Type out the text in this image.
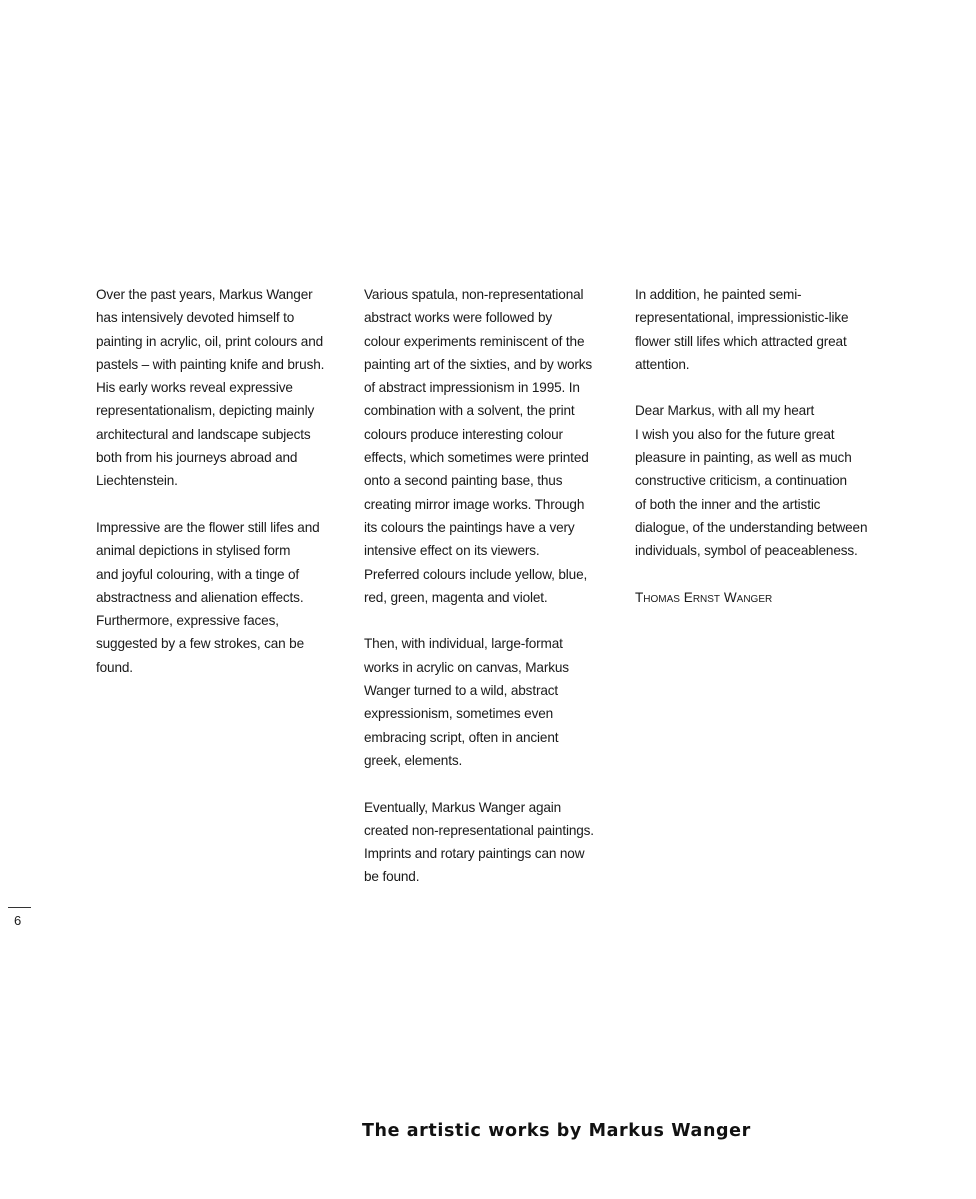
Over the past years, Markus Wanger
has intensively devoted himself to
painting in acrylic, oil, print colours and
pastels – with painting knife and brush.
His early works reveal expressive
representationalism, depicting mainly
architectural and landscape subjects
both from his journeys abroad and
Liechtenstein.

Impressive are the flower still lifes and
animal depictions in stylised form
and joyful colouring, with a tinge of
abstractness and alienation effects.
Furthermore, expressive faces,
suggested by a few strokes, can be
found.

Various spatula, non-representational
abstract works were followed by
colour experiments reminiscent of the
painting art of the sixties, and by works
of abstract impressionism in 1995. In
combination with a solvent, the print
colours produce interesting colour
effects, which sometimes were printed
onto a second painting base, thus
creating mirror image works. Through
its colours the paintings have a very
intensive effect on its viewers.
Preferred colours include yellow, blue,
red, green, magenta and violet.

Then, with individual, large-format
works in acrylic on canvas, Markus
Wanger turned to a wild, abstract
expressionism, sometimes even
embracing script, often in ancient
greek, elements.

Eventually, Markus Wanger again
created non-representational paintings.
Imprints and rotary paintings can now
be found.

In addition, he painted semi-
representational, impressionistic-like
flower still lifes which attracted great
attention.

Dear Markus, with all my heart
I wish you also for the future great
pleasure in painting, as well as much
constructive criticism, a continuation
of both the inner and the artistic
dialogue, of the understanding between
individuals, symbol of peaceableness.

Thomas Ernst Wanger

6
The artistic works by Markus Wanger
